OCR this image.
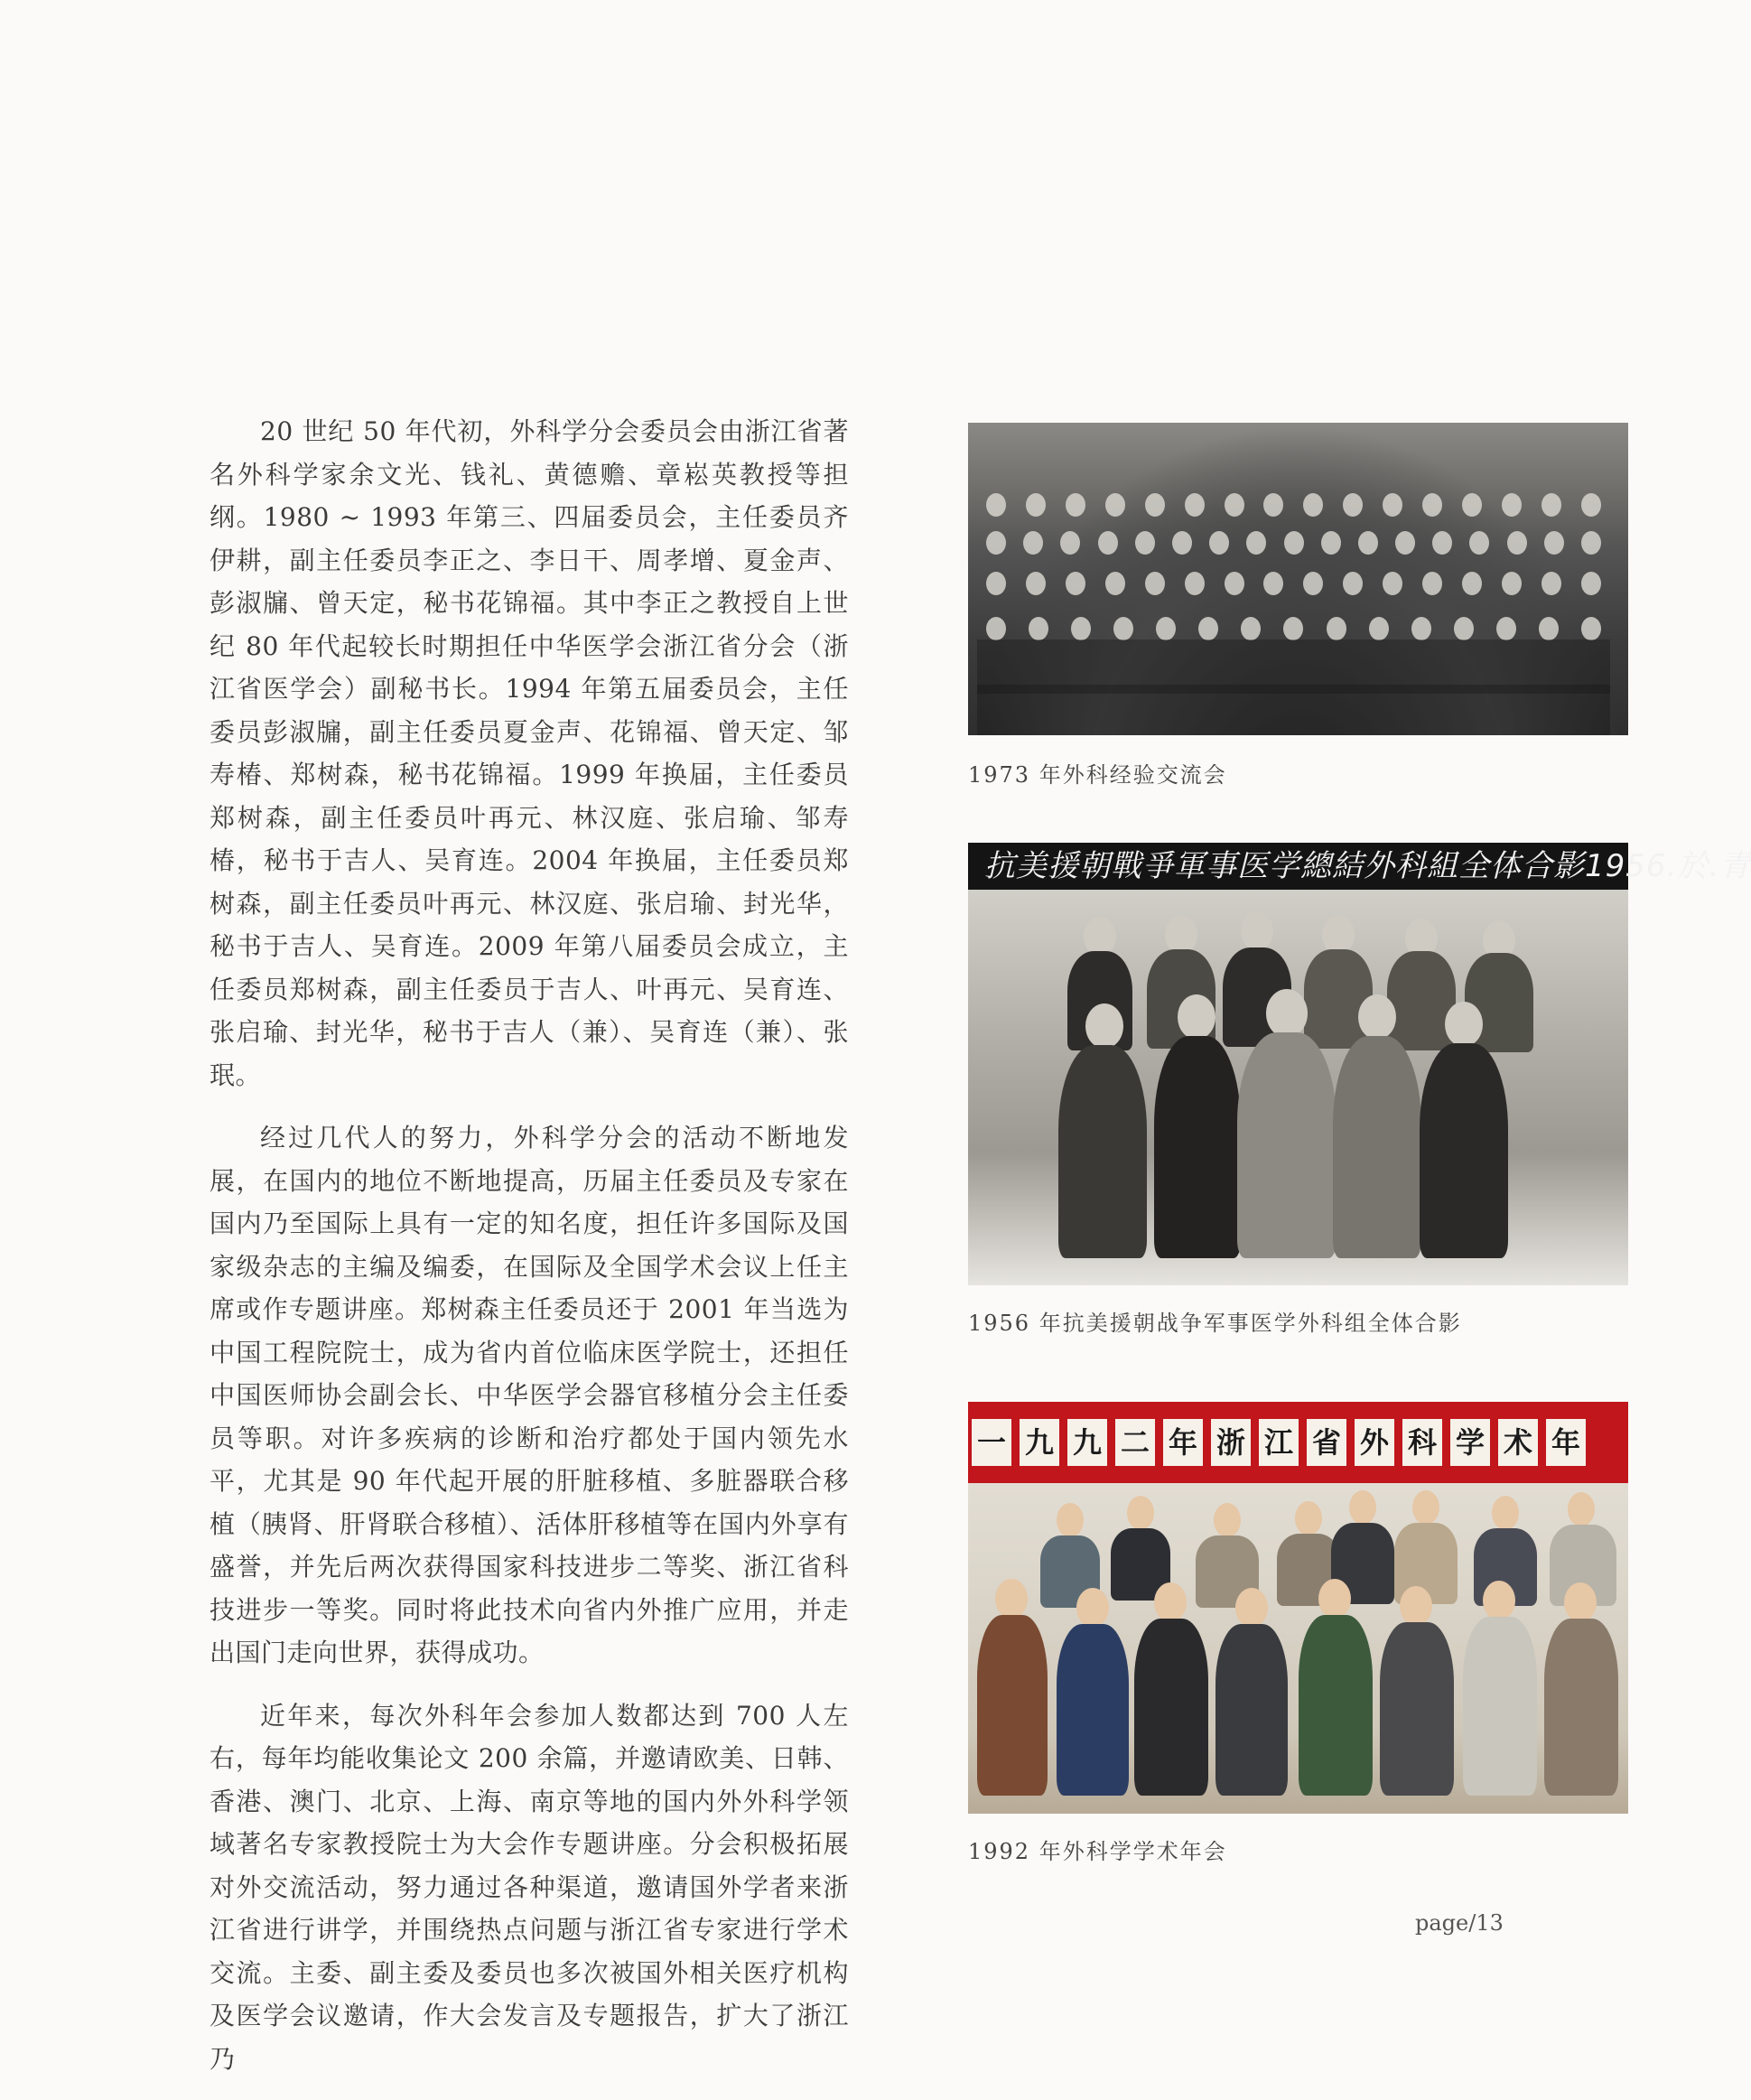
20 世纪 50 年代初，外科学分会委员会由浙江省著名外科学家余文光、钱礼、黄德赡、章崧英教授等担纲。1980 ~ 1993 年第三、四届委员会，主任委员齐伊耕，副主任委员李正之、李日干、周孝增、夏金声、彭淑牖、曾天定，秘书花锦福。其中李正之教授自上世纪 80 年代起较长时期担任中华医学会浙江省分会（浙江省医学会）副秘书长。1994 年第五届委员会，主任委员彭淑牖，副主任委员夏金声、花锦福、曾天定、邹寿椿、郑树森，秘书花锦福。1999 年换届，主任委员郑树森，副主任委员叶再元、林汉庭、张启瑜、邹寿椿，秘书于吉人、吴育连。2004 年换届，主任委员郑树森，副主任委员叶再元、林汉庭、张启瑜、封光华，秘书于吉人、吴育连。2009 年第八届委员会成立，主任委员郑树森，副主任委员于吉人、叶再元、吴育连、张启瑜、封光华，秘书于吉人（兼）、吴育连（兼）、张珉。

经过几代人的努力，外科学分会的活动不断地发展，在国内的地位不断地提高，历届主任委员及专家在国内乃至国际上具有一定的知名度，担任许多国际及国家级杂志的主编及编委，在国际及全国学术会议上任主席或作专题讲座。郑树森主任委员还于 2001 年当选为中国工程院院士，成为省内首位临床医学院士，还担任中国医师协会副会长、中华医学会器官移植分会主任委员等职。对许多疾病的诊断和治疗都处于国内领先水平，尤其是 90 年代起开展的肝脏移植、多脏器联合移植（胰肾、肝肾联合移植）、活体肝移植等在国内外享有盛誉，并先后两次获得国家科技进步二等奖、浙江省科技进步一等奖。同时将此技术向省内外推广应用，并走出国门走向世界，获得成功。

近年来，每次外科年会参加人数都达到 700 人左右，每年均能收集论文 200 余篇，并邀请欧美、日韩、香港、澳门、北京、上海、南京等地的国内外外科学领域著名专家教授院士为大会作专题讲座。分会积极拓展对外交流活动，努力通过各种渠道，邀请国外学者来浙江省进行讲学，并围绕热点问题与浙江省专家进行学术交流。主委、副主委及委员也多次被国外相关医疗机构及医学会议邀请，作大会发言及专题报告，扩大了浙江乃

1973 年外科经验交流会
抗美援朝戰爭軍事医学總結外科組全体合影1956.於.青
1956 年抗美援朝战争军事医学外科组全体合影
一 九 九 二 年 浙 江 省 外 科 学 术 年
1992 年外科学学术年会
page/13
